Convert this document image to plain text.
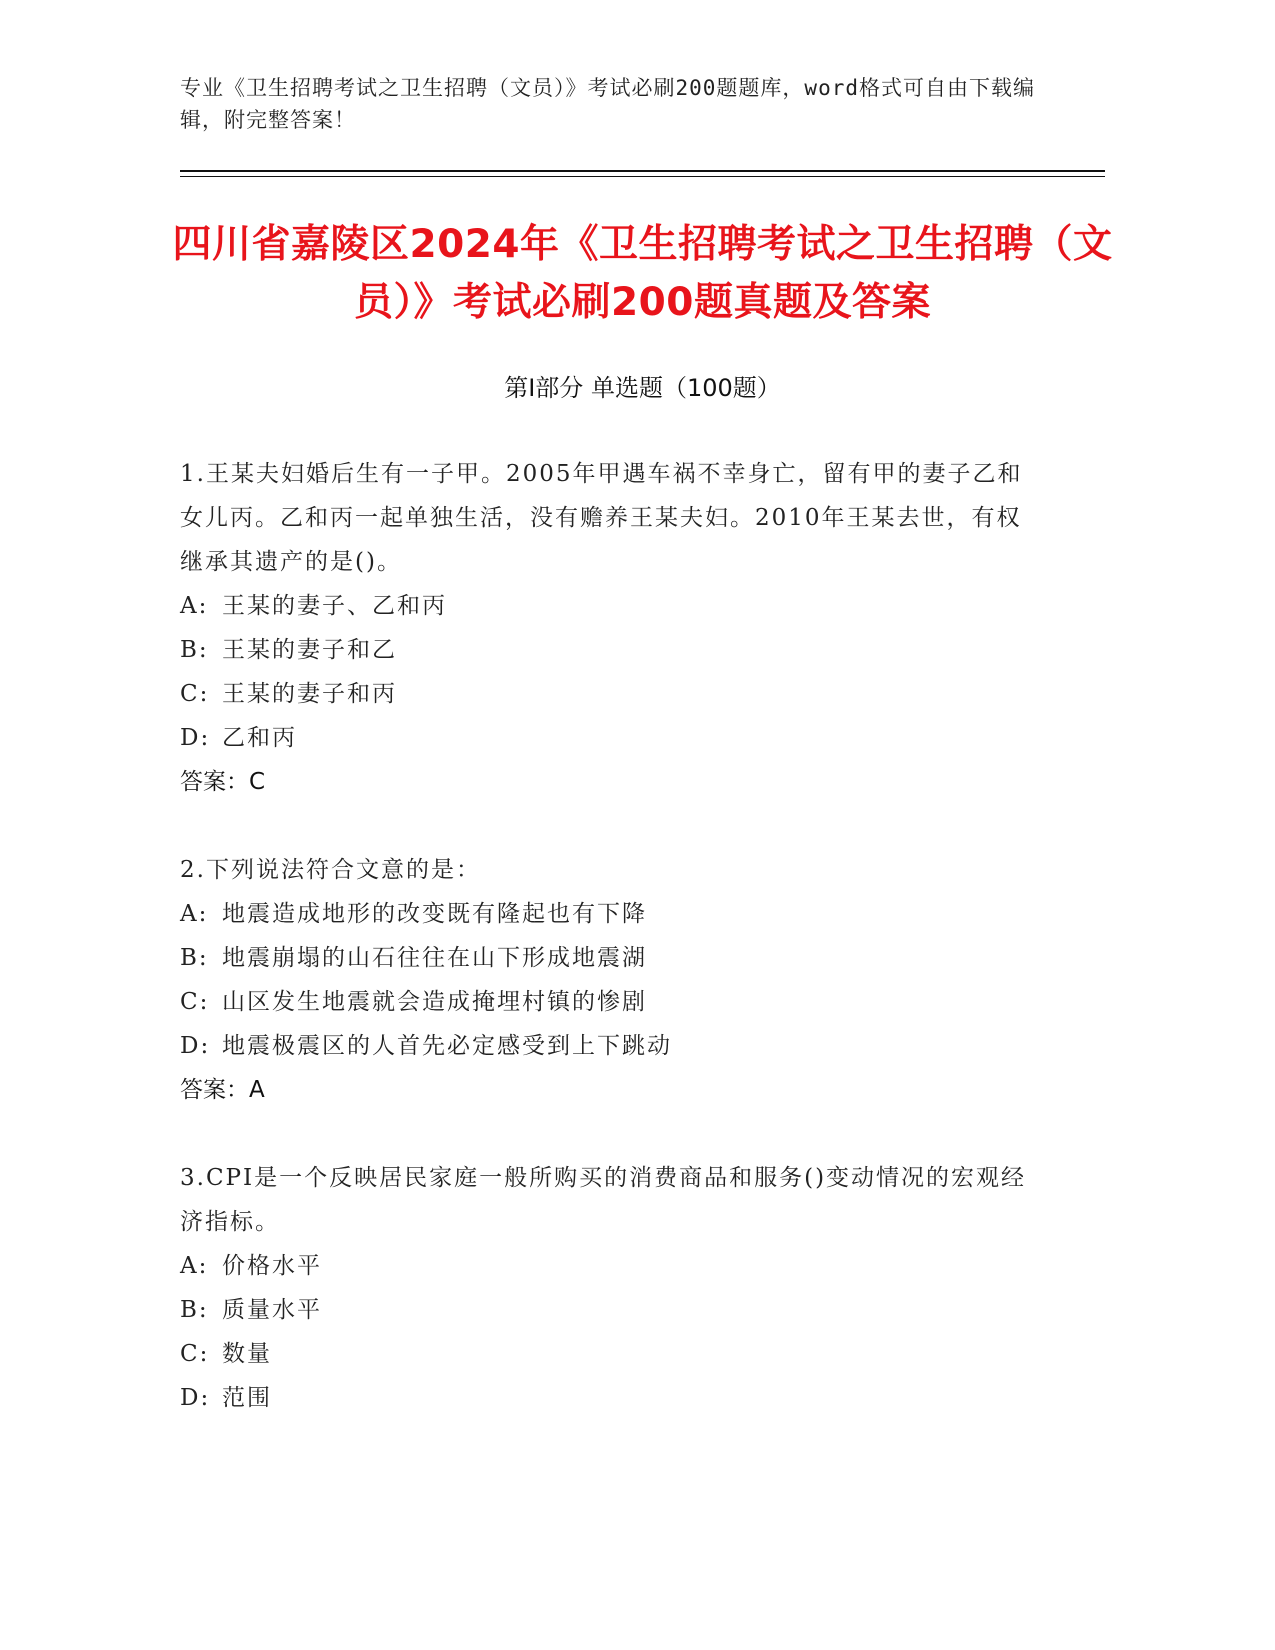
专业《卫生招聘考试之卫生招聘（文员）》考试必刷200题题库，word格式可自由下载编辑，附完整答案！
四川省嘉陵区2024年《卫生招聘考试之卫生招聘（文员）》考试必刷200题真题及答案
第Ⅰ部分 单选题（100题）

1.王某夫妇婚后生有一子甲。2005年甲遇车祸不幸身亡，留有甲的妻子乙和女儿丙。乙和丙一起单独生活，没有赡养王某夫妇。2010年王某去世，有权继承其遗产的是()。

A: 王某的妻子、乙和丙
B: 王某的妻子和乙
C: 王某的妻子和丙
D: 乙和丙
答案：C

2.下列说法符合文意的是：

A: 地震造成地形的改变既有隆起也有下降
B: 地震崩塌的山石往往在山下形成地震湖
C: 山区发生地震就会造成掩埋村镇的惨剧
D: 地震极震区的人首先必定感受到上下跳动
答案：A

3.CPI是一个反映居民家庭一般所购买的消费商品和服务()变动情况的宏观经济指标。

A: 价格水平
B: 质量水平
C: 数量
D: 范围
